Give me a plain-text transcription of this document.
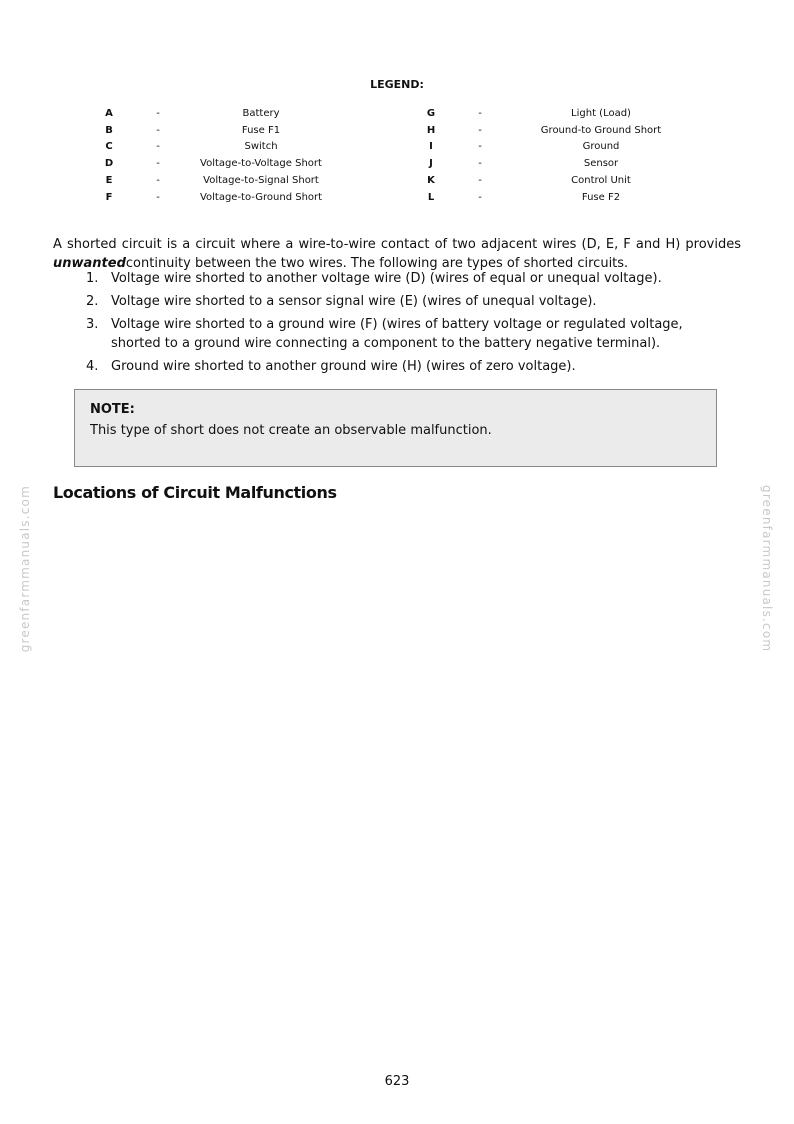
LEGEND:
A	-	Battery		G	-	Light (Load)
B	-	Fuse F1		H	-	Ground-to Ground Short
C	-	Switch		I	-	Ground
D	-	Voltage-to-Voltage Short		J	-	Sensor
E	-	Voltage-to-Signal Short		K	-	Control Unit
F	-	Voltage-to-Ground Short		L	-	Fuse F2

A shorted circuit is a circuit where a wire-to-wire contact of two adjacent wires (D, E, F and H) provides unwantedcontinuity between the two wires. The following are types of shorted circuits.

1. Voltage wire shorted to another voltage wire (D) (wires of equal or unequal voltage).
2. Voltage wire shorted to a sensor signal wire (E) (wires of unequal voltage).
3. Voltage wire shorted to a ground wire (F) (wires of battery voltage or regulated voltage, shorted to a ground wire connecting a component to the battery negative terminal).
4. Ground wire shorted to another ground wire (H) (wires of zero voltage).
NOTE:
This type of short does not create an observable malfunction.
Locations of Circuit Malfunctions
greenfarmmanuals.com	greenfarmmanuals.com
623
